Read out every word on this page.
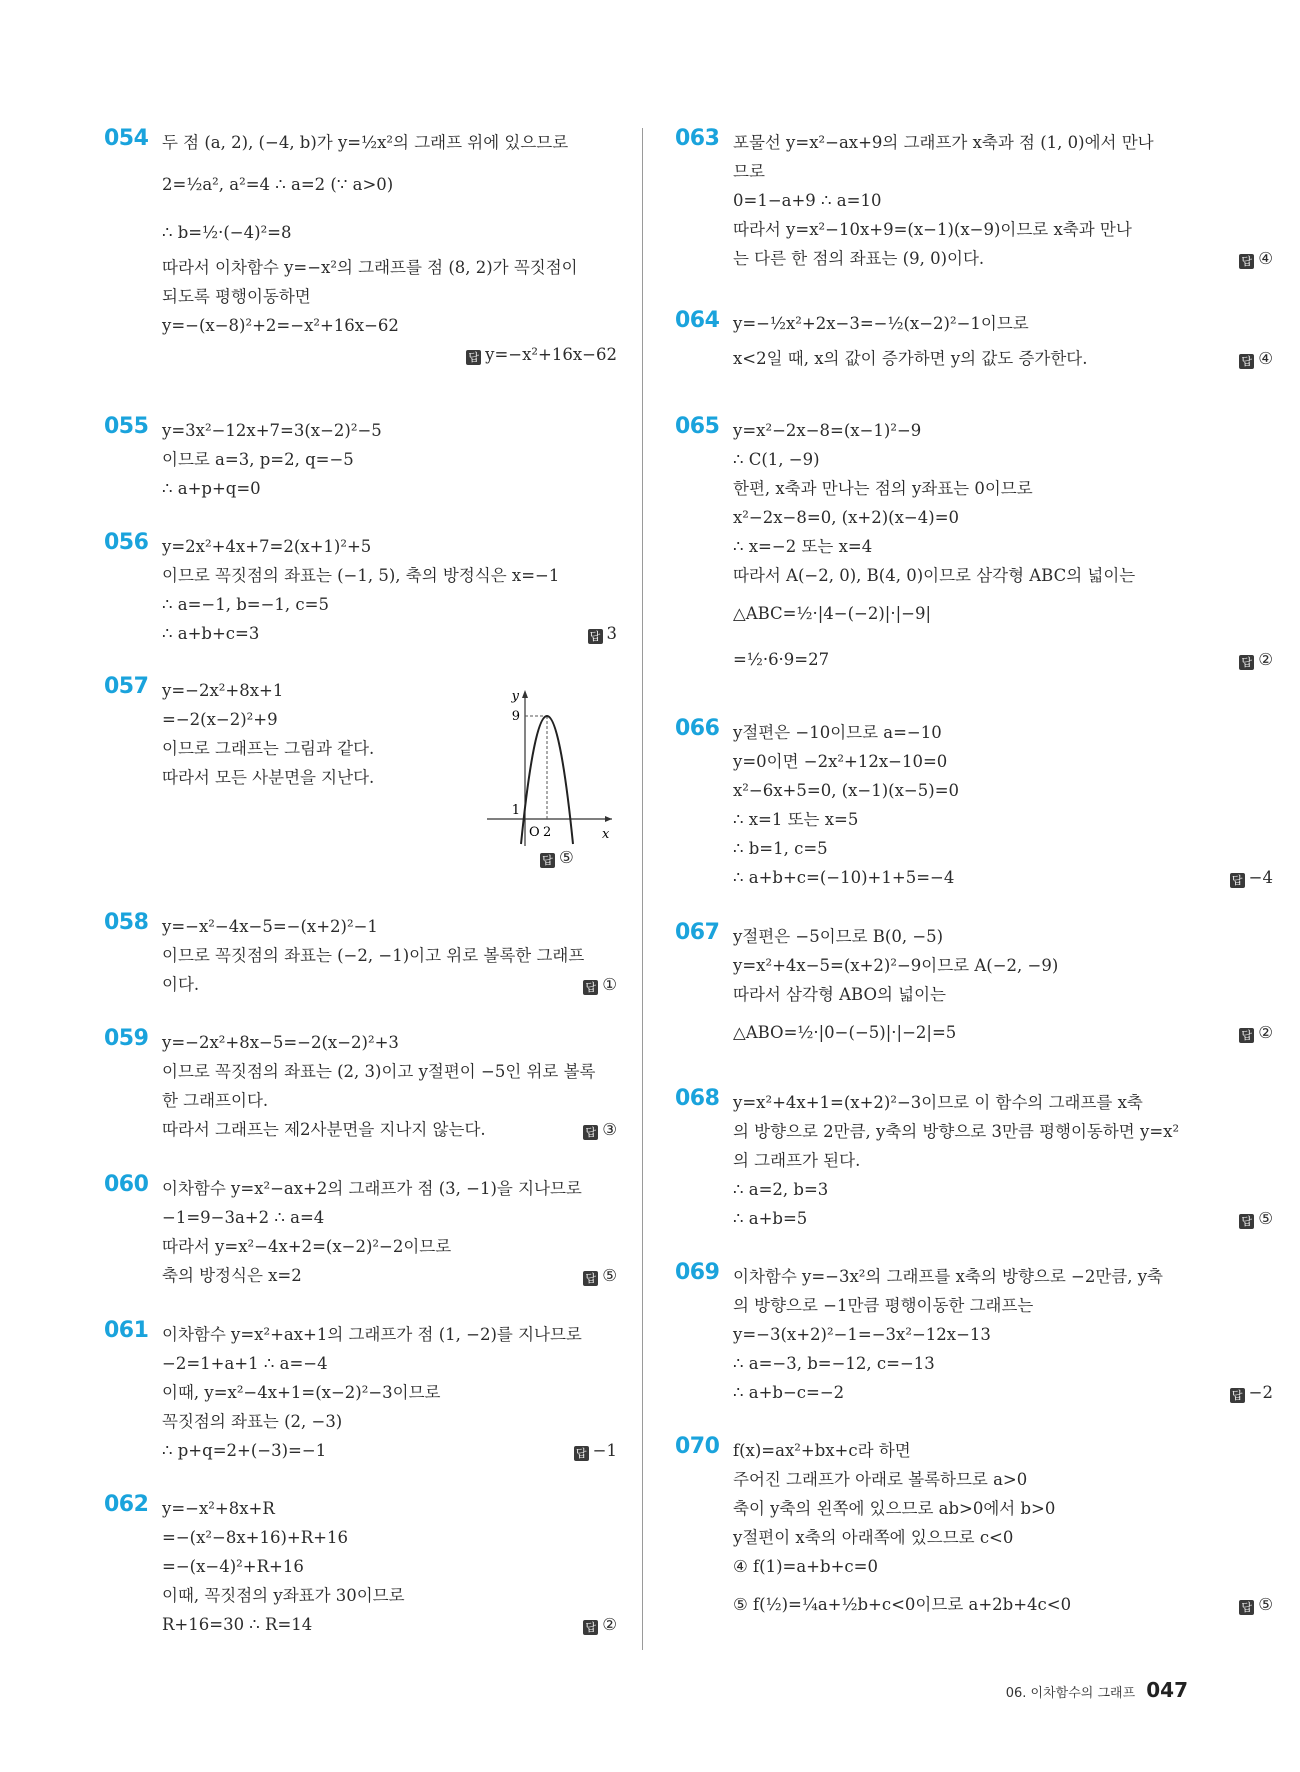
054 두 점 (a, 2), (−4, b)가 y=½x²의 그래프 위에 있으므로
2=½a², a²=4 ∴ a=2 (∵ a>0)
∴ b=½·(−4)²=8
따라서 이차함수 y=−x²의 그래프를 점 (8, 2)가 꼭짓점이
되도록 평행이동하면
y=−(x−8)²+2=−x²+16x−62
답y=−x²+16x−62
055 y=3x²−12x+7=3(x−2)²−5
이므로 a=3, p=2, q=−5
∴ a+p+q=0
056 y=2x²+4x+7=2(x+1)²+5
이므로 꼭짓점의 좌표는 (−1, 5), 축의 방정식은 x=−1
∴ a=−1, b=−1, c=5
∴ a+b+c=3 답	3
057 y=−2x²+8x+1
=−2(x−2)²+9
이므로 그래프는 그림과 같다.
따라서 모든 사분면을 지난다.
y
x
9
1
O 2
답⑤
058 y=−x²−4x−5=−(x+2)²−1
이므로 꼭짓점의 좌표는 (−2, −1)이고 위로 볼록한 그래프
이다. 답	①
059 y=−2x²+8x−5=−2(x−2)²+3
이므로 꼭짓점의 좌표는 (2, 3)이고 y절편이 −5인 위로 볼록
한 그래프이다.
따라서 그래프는 제2사분면을 지나지 않는다. 답	③
060 이차함수 y=x²−ax+2의 그래프가 점 (3, −1)을 지나므로
−1=9−3a+2 ∴ a=4
따라서 y=x²−4x+2=(x−2)²−2이므로
축의 방정식은 x=2 답	⑤
061 이차함수 y=x²+ax+1의 그래프가 점 (1, −2)를 지나므로
−2=1+a+1 ∴ a=−4
이때, y=x²−4x+1=(x−2)²−3이므로
꼭짓점의 좌표는 (2, −3)
∴ p+q=2+(−3)=−1 답	−1
062 y=−x²+8x+R
=−(x²−8x+16)+R+16
=−(x−4)²+R+16
이때, 꼭짓점의 y좌표가 30이므로
R+16=30 ∴ R=14 답	②
063 포물선 y=x²−ax+9의 그래프가 x축과 점 (1, 0)에서 만나
므로
0=1−a+9 ∴ a=10
따라서 y=x²−10x+9=(x−1)(x−9)이므로 x축과 만나
는 다른 한 점의 좌표는 (9, 0)이다. 답	④
064 y=−½x²+2x−3=−½(x−2)²−1이므로
x<2일 때, x의 값이 증가하면 y의 값도 증가한다. 답	④
065 y=x²−2x−8=(x−1)²−9
∴ C(1, −9)
한편, x축과 만나는 점의 y좌표는 0이므로
x²−2x−8=0, (x+2)(x−4)=0
∴ x=−2 또는 x=4
따라서 A(−2, 0), B(4, 0)이므로 삼각형 ABC의 넓이는
△ABC=½·|4−(−2)|·|−9|
=½·6·9=27 답	②
066 y절편은 −10이므로 a=−10
y=0이면 −2x²+12x−10=0
x²−6x+5=0, (x−1)(x−5)=0
∴ x=1 또는 x=5
∴ b=1, c=5
∴ a+b+c=(−10)+1+5=−4 답	−4
067 y절편은 −5이므로 B(0, −5)
y=x²+4x−5=(x+2)²−9이므로 A(−2, −9)
따라서 삼각형 ABO의 넓이는
△ABO=½·|0−(−5)|·|−2|=5 답	②
068 y=x²+4x+1=(x+2)²−3이므로 이 함수의 그래프를 x축
의 방향으로 2만큼, y축의 방향으로 3만큼 평행이동하면 y=x²
의 그래프가 된다.
∴ a=2, b=3
∴ a+b=5 답	⑤
069 이차함수 y=−3x²의 그래프를 x축의 방향으로 −2만큼, y축
의 방향으로 −1만큼 평행이동한 그래프는
y=−3(x+2)²−1=−3x²−12x−13
∴ a=−3, b=−12, c=−13
∴ a+b−c=−2 답	−2
070 f(x)=ax²+bx+c라 하면
주어진 그래프가 아래로 볼록하므로 a>0
축이 y축의 왼쪽에 있으므로 ab>0에서 b>0
y절편이 x축의 아래쪽에 있으므로 c<0
④ f(1)=a+b+c=0
⑤ f(½)=¼a+½b+c<0이므로 a+2b+4c<0 답	⑤
06. 이차함수의 그래프 047
